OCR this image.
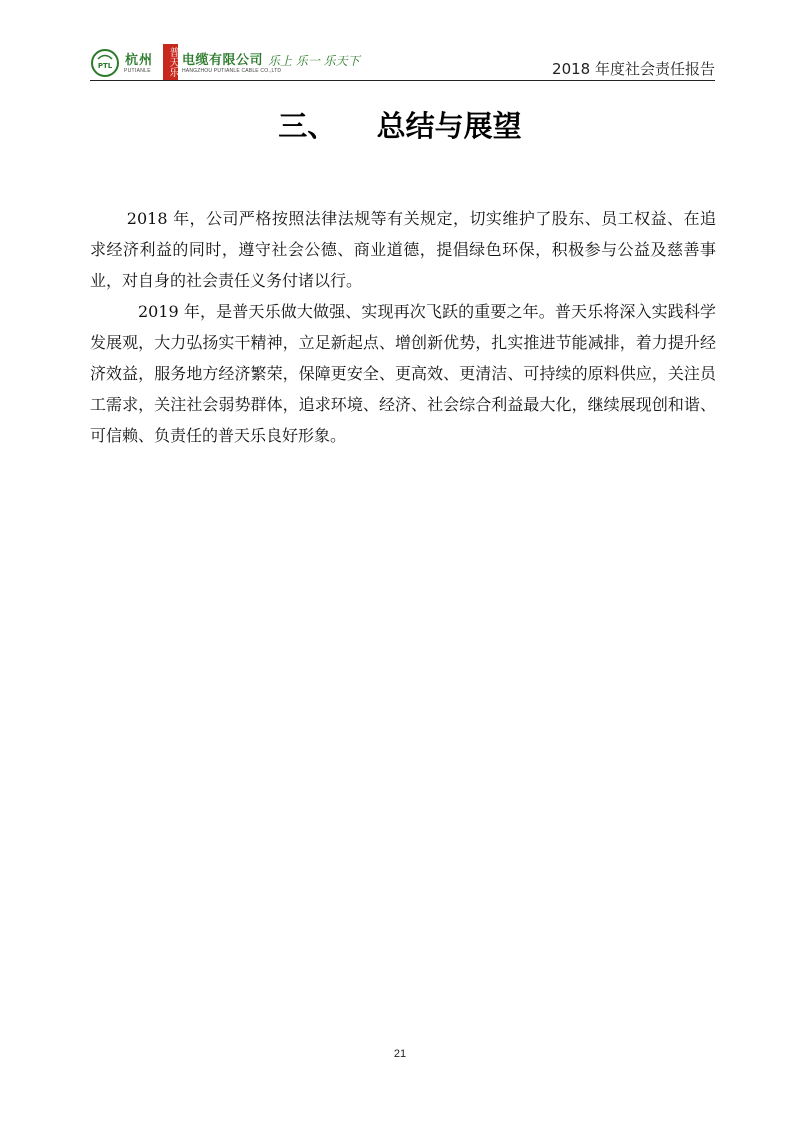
PTL 杭州
PUTIANLE	普天乐 电缆有限公司
HANGZHOU PUTIANLE CABLE CO.,LTD
乐上 乐一 乐天下	2018 年度社会责任报告
三、    总结与展望

2018 年，公司严格按照法律法规等有关规定，切实维护了股东、员工权益、在追求经济利益的同时，遵守社会公德、商业道德，提倡绿色环保，积极参与公益及慈善事业，对自身的社会责任义务付诸以行。

2019 年，是普天乐做大做强、实现再次飞跃的重要之年。普天乐将深入实践科学发展观，大力弘扬实干精神，立足新起点、增创新优势，扎实推进节能减排，着力提升经济效益，服务地方经济繁荣，保障更安全、更高效、更清洁、可持续的原料供应，关注员工需求，关注社会弱势群体，追求环境、经济、社会综合利益最大化，继续展现创和谐、可信赖、负责任的普天乐良好形象。

21
